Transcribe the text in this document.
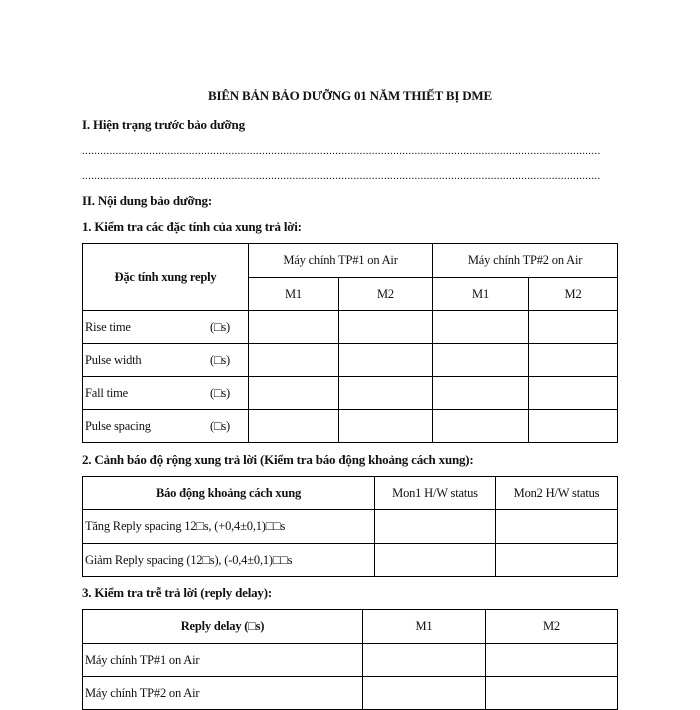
BIÊN BẢN BẢO DƯỠNG 01 NĂM THIẾT BỊ DME
I. Hiện trạng trước bảo dưỡng
..........................................................................................................................................................................
..........................................................................................................................................................................
II. Nội dung bảo dưỡng:
1. Kiểm tra các đặc tính của xung trả lời:
Đặc tính xung reply	Máy chính TP#1 on Air		Máy chính TP#2 on Air	
	M1	M2	M1	M2

Rise time (□s)				

Pulse width (□s)				

Fall time (□s)				

Pulse spacing (□s)				

2. Cảnh báo độ rộng xung trả lời (Kiểm tra báo động khoảng cách xung):
Báo động khoảng cách xung	Mon1 H/W status	Mon2 H/W status
Tăng Reply spacing 12□s, (+0,4±0,1)□□s		
Giảm Reply spacing (12□s), (-0,4±0,1)□□s		
3. Kiểm tra trễ trả lời (reply delay):
Reply delay (□s)	M1	M2
Máy chính TP#1 on Air		
Máy chính TP#2 on Air		
